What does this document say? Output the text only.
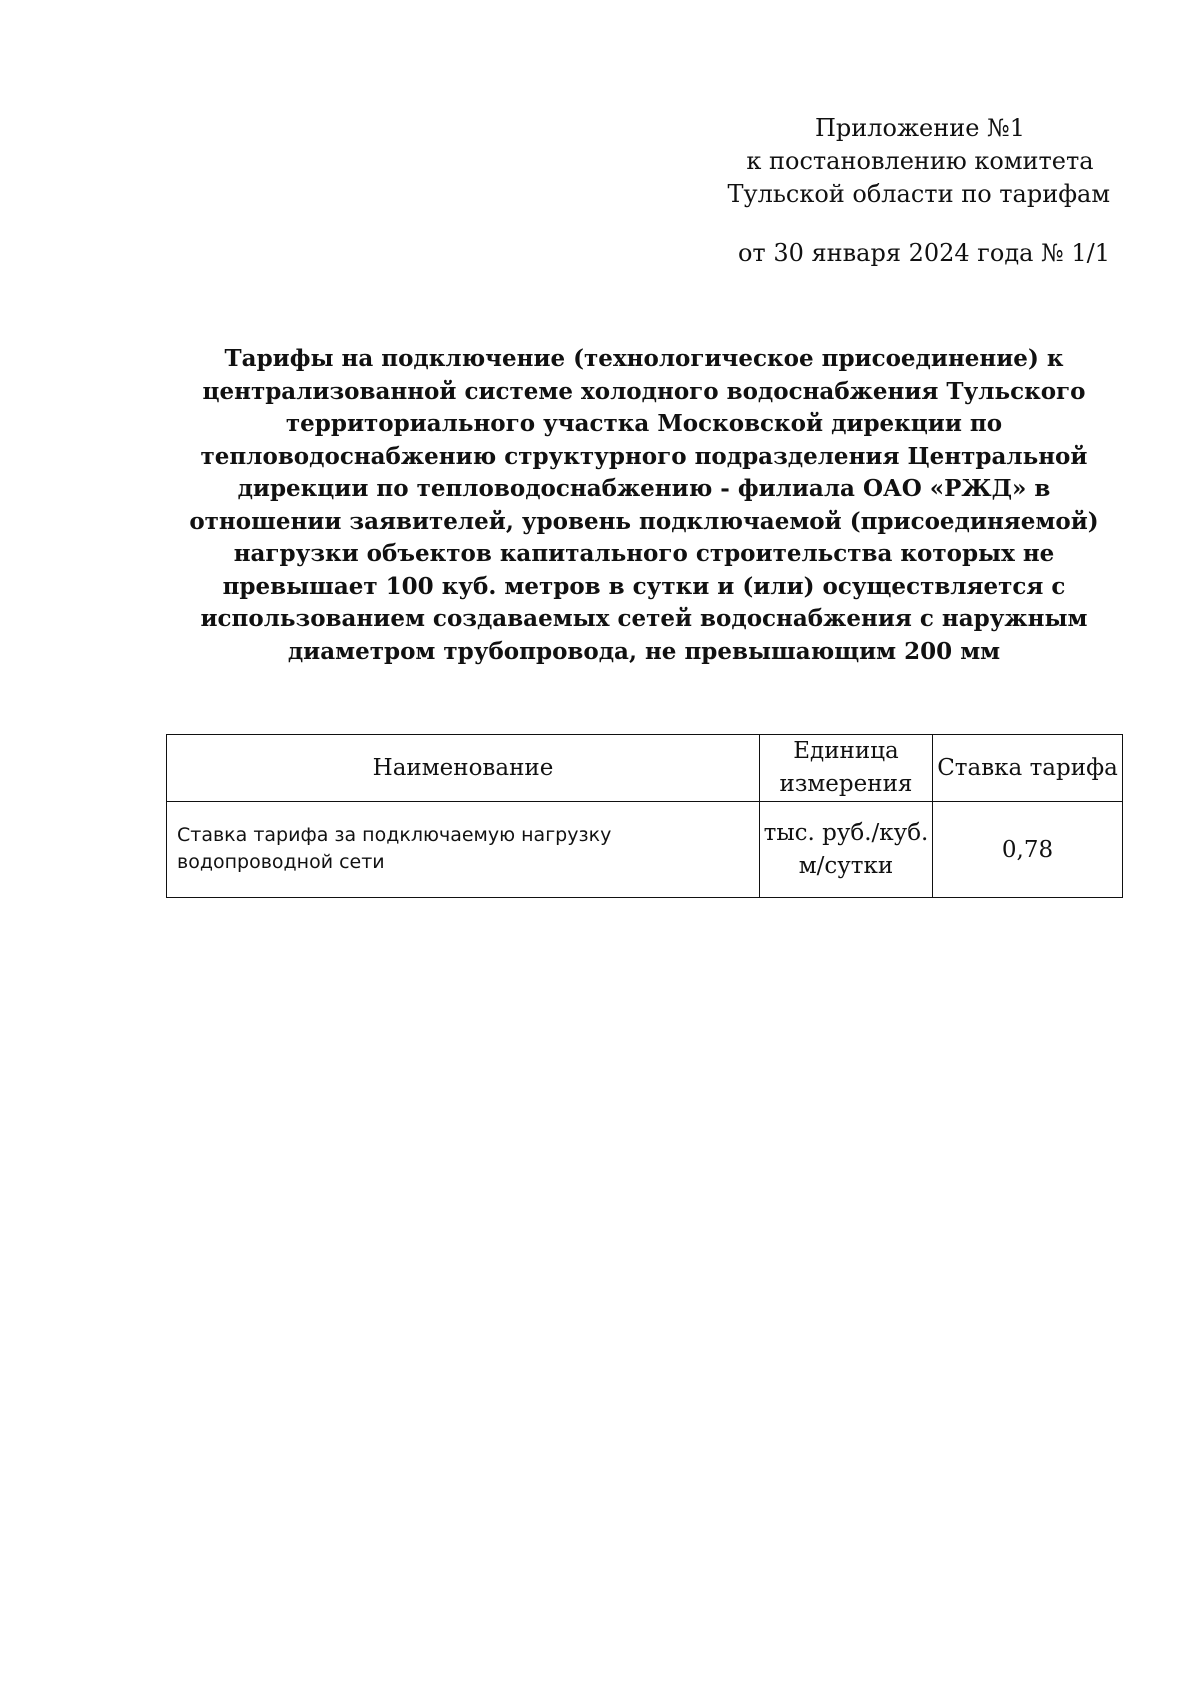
Приложение №1
к постановлению комитета
Тульской области по тарифам
от 30 января 2024 года № 1/1
Тарифы на подключение (технологическое присоединение) к централизованной системе холодного водоснабжения Тульского территориального участка Московской дирекции по тепловодоснабжению структурного подразделения Центральной дирекции по тепловодоснабжению - филиала ОАО «РЖД» в отношении заявителей, уровень подключаемой (присоединяемой) нагрузки объектов капитального строительства которых не превышает 100 куб. метров в сутки и (или) осуществляется с использованием создаваемых сетей водоснабжения с наружным диаметром трубопровода, не превышающим 200 мм
Наименование	Единица измерения	Ставка тарифа
Ставка тарифа за подключаемую нагрузку водопроводной сети	тыс. руб./куб. м/сутки	0,78
